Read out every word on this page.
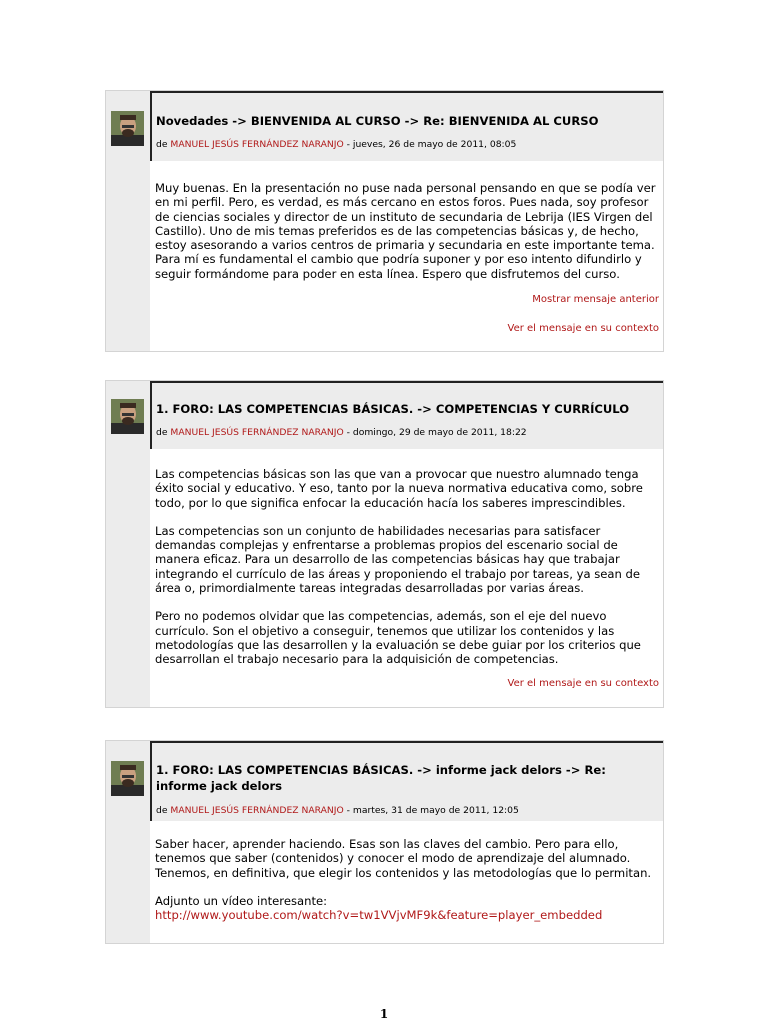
Novedades -> BIENVENIDA AL CURSO -> Re: BIENVENIDA AL CURSO
de MANUEL JESÚS FERNÁNDEZ NARANJO - jueves, 26 de mayo de 2011, 08:05

Muy buenas. En la presentación no puse nada personal pensando en que se podía ver en mi perfil. Pero, es verdad, es más cercano en estos foros. Pues nada, soy profesor de ciencias sociales y director de un instituto de secundaria de Lebrija (IES Virgen del Castillo). Uno de mis temas preferidos es de las competencias básicas y, de hecho, estoy asesorando a varios centros de primaria y secundaria en este importante tema. Para mí es fundamental el cambio que podría suponer y por eso intento difundirlo y seguir formándome para poder en esta línea. Espero que disfrutemos del curso.

Mostrar mensaje anterior
Ver el mensaje en su contexto
1. FORO: LAS COMPETENCIAS BÁSICAS. -> COMPETENCIAS Y CURRÍCULO
de MANUEL JESÚS FERNÁNDEZ NARANJO - domingo, 29 de mayo de 2011, 18:22

Las competencias básicas son las que van a provocar que nuestro alumnado tenga éxito social y educativo. Y eso, tanto por la nueva normativa educativa como, sobre todo, por lo que significa enfocar la educación hacía los saberes imprescindibles.

Las competencias son un conjunto de habilidades necesarias para satisfacer demandas complejas y enfrentarse a problemas propios del escenario social de manera eficaz. Para un desarrollo de las competencias básicas hay que trabajar integrando el currículo de las áreas y proponiendo el trabajo por tareas, ya sean de área o, primordialmente tareas integradas desarrolladas por varias áreas.

Pero no podemos olvidar que las competencias, además, son el eje del nuevo currículo. Son el objetivo a conseguir, tenemos que utilizar los contenidos y las metodologías que las desarrollen y la evaluación se debe guiar por los criterios que desarrollan el trabajo necesario para la adquisición de competencias.

Ver el mensaje en su contexto
1. FORO: LAS COMPETENCIAS BÁSICAS. -> informe jack delors -> Re: informe jack delors
de MANUEL JESÚS FERNÁNDEZ NARANJO - martes, 31 de mayo de 2011, 12:05

Saber hacer, aprender haciendo. Esas son las claves del cambio. Pero para ello, tenemos que saber (contenidos) y conocer el modo de aprendizaje del alumnado. Tenemos, en definitiva, que elegir los contenidos y las metodologías que lo permitan.

Adjunto un vídeo interesante:

http://www.youtube.com/watch?v=tw1VVjvMF9k&feature=player_embedded
1
